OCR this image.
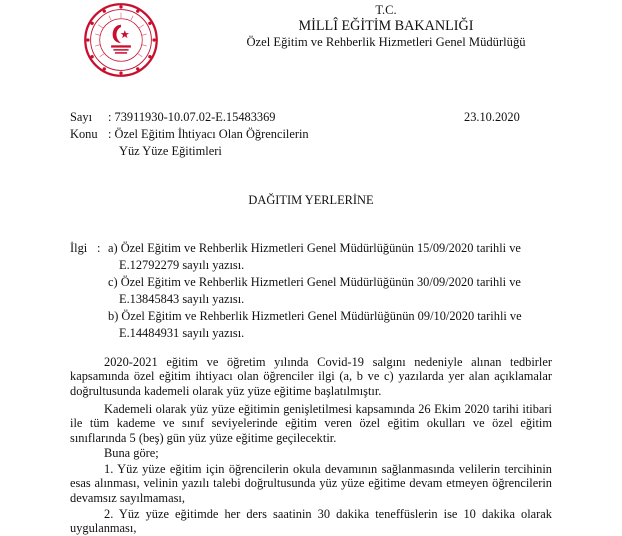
T.C.
MİLLÎ EĞİTİM BAKANLIĞI
Özel Eğitim ve Rehberlik Hizmetleri Genel Müdürlüğü
Sayı : 73911930-10.07.02-E.15483369	23.10.2020
Konu : Özel Eğitim İhtiyacı Olan Öğrencilerin
Yüz Yüze Eğitimleri
DAĞITIM YERLERİNE
İlgi : a) Özel Eğitim ve Rehberlik Hizmetleri Genel Müdürlüğünün 15/09/2020 tarihli ve
E.12792279 sayılı yazısı.
c) Özel Eğitim ve Rehberlik Hizmetleri Genel Müdürlüğünün 30/09/2020 tarihli ve
E.13845843 sayılı yazısı.
b) Özel Eğitim ve Rehberlik Hizmetleri Genel Müdürlüğünün 09/10/2020 tarihli ve
E.14484931 sayılı yazısı.
2020-2021 eğitim ve öğretim yılında Covid-19 salgını nedeniyle alınan tedbirler kapsamında özel eğitim ihtiyacı olan öğrenciler ilgi (a, b ve c) yazılarda yer alan açıklamalar doğrultusunda kademeli olarak yüz yüze eğitime başlatılmıştır.
Kademeli olarak yüz yüze eğitimin genişletilmesi kapsamında 26 Ekim 2020 tarihi itibari ile tüm kademe ve sınıf seviyelerinde eğitim veren özel eğitim okulları ve özel eğitim sınıflarında 5 (beş) gün yüz yüze eğitime geçilecektir.
Buna göre;
1. Yüz yüze eğitim için öğrencilerin okula devamının sağlanmasında velilerin tercihinin esas alınması, velinin yazılı talebi doğrultusunda yüz yüze eğitime devam etmeyen öğrencilerin devamsız sayılmaması,
2. Yüz yüze eğitimde her ders saatinin 30 dakika teneffüslerin ise 10 dakika olarak uygulanması,
